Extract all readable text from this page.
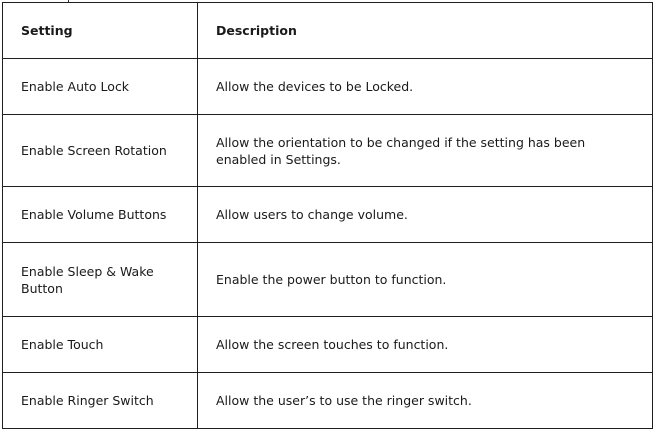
Setting	Description
Enable Auto Lock	Allow the devices to be Locked.
Enable Screen Rotation	Allow the orientation to be changed if the setting has been enabled in Settings.
Enable Volume Buttons	Allow users to change volume.
Enable Sleep & Wake Button	Enable the power button to function.
Enable Touch	Allow the screen touches to function.
Enable Ringer Switch	Allow the user’s to use the ringer switch.
